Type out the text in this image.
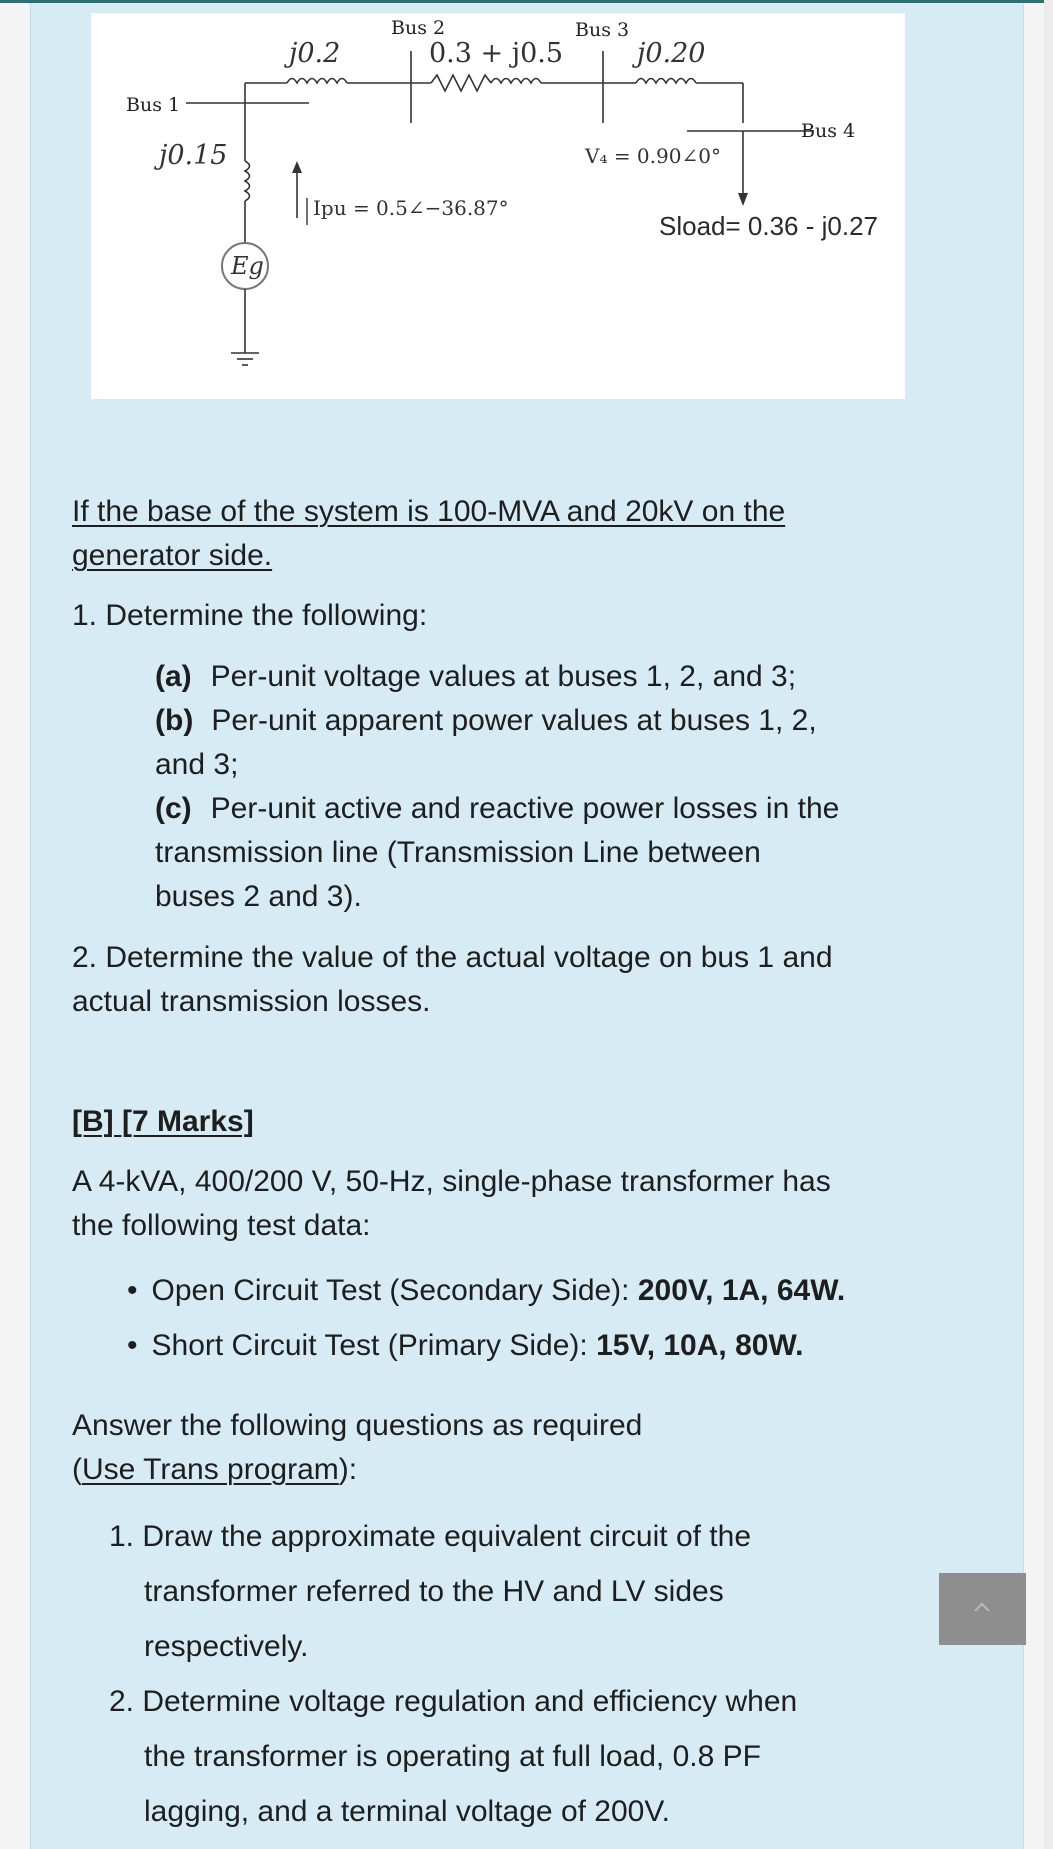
Bus 2	Bus 3
Bus 1
Bus 4
j0.2	0.3 + j0.5	j0.20
j0.15
Ipu = 0.5∠−36.87°
V₄ = 0.90∠0°
Sload= 0.36 - j0.27
Eg
If the base of the system is 100-MVA and 20kV on the
generator side.
1. Determine the following:
(a) Per-unit voltage values at buses 1, 2, and 3;
(b) Per-unit apparent power values at buses 1, 2,
and 3;
(c) Per-unit active and reactive power losses in the
transmission line (Transmission Line between
buses 2 and 3).
2. Determine the value of the actual voltage on bus 1 and
actual transmission losses.
[B] [7 Marks]
A 4-kVA, 400/200 V, 50-Hz, single-phase transformer has
the following test data:
• Open Circuit Test (Secondary Side): 200V, 1A, 64W.
• Short Circuit Test (Primary Side): 15V, 10A, 80W.
Answer the following questions as required
(Use Trans program):
1. Draw the approximate equivalent circuit of the
transformer referred to the HV and LV sides
respectively.
2. Determine voltage regulation and efficiency when
the transformer is operating at full load, 0.8 PF
lagging, and a terminal voltage of 200V.
